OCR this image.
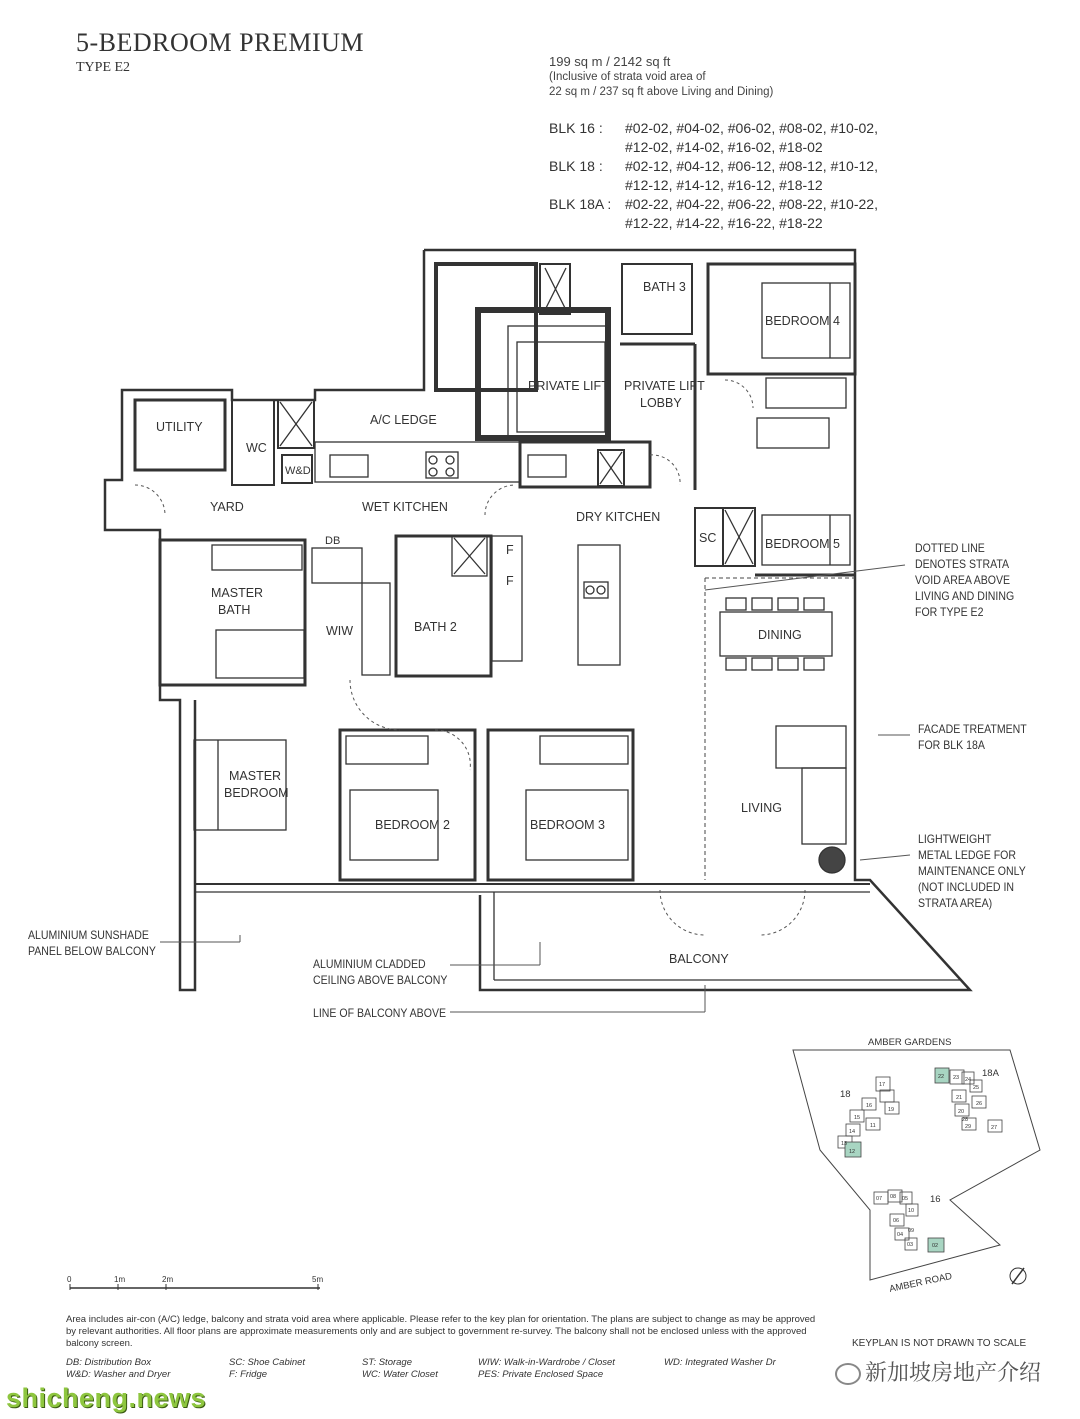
5-BEDROOM PREMIUM
TYPE E2	199 sq m / 2142 sq ft
(Inclusive of strata void area of
22 sq m / 237 sq ft above Living and Dining)
BLK 16 :	#02-02, #04-02, #06-02, #08-02, #10-02,
#12-02, #14-02, #16-02, #18-02
BLK 18 :	#02-12, #04-12, #06-12, #08-12, #10-12,
#12-12, #14-12, #16-12, #18-12
BLK 18A : #02-22, #04-22, #06-22, #08-22, #10-22,
#12-22, #14-22, #16-22, #18-22
BATH 3
BEDROOM 4
PRIVATE LIFT PRIVATE LIFT
LOBBY
UTILITY
WC
W&D
A/C LEDGE
YARD	WET KITCHEN
DRY KITCHEN
SC	BEDROOM 5
DB
F
F
MASTER
BATH
WIW	BATH 2
DINING
MASTER
BEDROOM
BEDROOM 2	BEDROOM 3
LIVING
BALCONY
AMBER GARDENS
AMBER ROAD
18
18A
16
17
16
15
14
13
11
12
19
22 23 24
25
26
21
20
28
29	27
07 08 05
06
10
04
03	02
09
0	1m	2m	5m
DOTTED LINE
DENOTES STRATA
VOID AREA ABOVE
LIVING AND DINING
FOR TYPE E2
FACADE TREATMENT
FOR BLK 18A
LIGHTWEIGHT
METAL LEDGE FOR
MAINTENANCE ONLY
(NOT INCLUDED IN
STRATA AREA)
ALUMINIUM SUNSHADE
PANEL BELOW BALCONY
ALUMINIUM CLADDED
CEILING ABOVE BALCONY
LINE OF BALCONY ABOVE
Area includes air-con (A/C) ledge, balcony and strata void area where applicable. Please refer to the key plan for orientation. The plans are subject to change as may be approved by relevant authorities. All floor plans are approximate measurements only and are subject to government re-survey. The balcony shall not be enclosed unless with the approved balcony screen.
DB: Distribution Box
W&D: Washer and Dryer
SC: Shoe Cabinet
F: Fridge
ST: Storage
WC: Water Closet
WIW: Walk-in-Wardrobe / Closet
PES: Private Enclosed Space
WD: Integrated Washer Dr
KEYPLAN IS NOT DRAWN TO SCALE
shicheng.news
新加坡房地产介绍
